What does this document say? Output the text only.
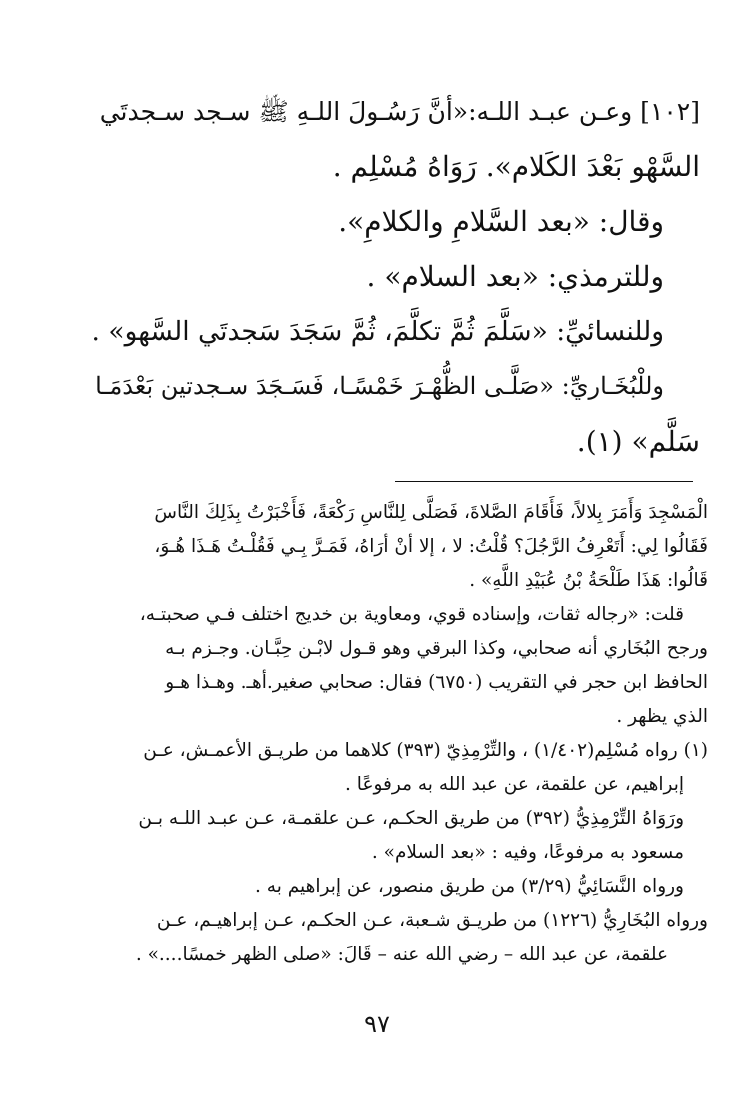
[١٠٢] وعـن عبـد اللـه:«أنَّ رَسُـولَ اللـهِ ﷺ سـجد سـجدتَي
السَّهْو بَعْدَ الكَلام». رَوَاهُ مُسْلِم .
وقال: «بعد السَّلامِ والكلامِ».
وللترمذي: «بعد السلام» .
وللنسائيِّ: «سَلَّمَ ثُمَّ تكلَّمَ، ثُمَّ سَجَدَ سَجدتَي السَّهو» .
وللْبُخَـاريِّ: «صَلَّـى الظُّهْـرَ خَمْسًـا، فَسَـجَدَ سـجدتين بَعْدَمَـا
سَلَّم» (١).
الْمَسْجِدَ وَأَمَرَ بِلالاً، فَأَقَامَ الصَّلاةَ، فَصَلَّى لِلنَّاسِ رَكْعَةً، فَأَخْبَرْتُ بِذَلِكَ النَّاسَ
فَقَالُوا لِي: أَتَعْرِفُ الرَّجُلَ؟ قُلْتُ: لا ، إلا أنْ أرَاهُ، فَمَـرَّ بِـي فَقُلْـتُ هَـذَا هُـوَ،
قَالُوا: هَذَا طَلْحَةُ بْنُ عُبَيْدِ اللَّهِ» .
قلت: «رجاله ثقات، وإسناده قوي، ومعاوية بن خديج اختلف فـي صحبتـه،
ورجح البُخَاري أنه صحابي، وكذا البرقي وهو قـول لابْـن حِبَّـان. وجـزم بـه
الحافظ ابن حجر في التقريب (٦٧٥٠) فقال: صحابي صغير.أهـ. وهـذا هـو
الذي يظهر .
(١) رواه مُسْلِم(١/٤٠٢) ، والتِّرْمِذِيّ (٣٩٣) كلاهما من طريـق الأعمـش، عـن
إبراهيم، عن علقمة، عن عبد الله به مرفوعًا .
ورَوَاهُ التِّرْمِذِيُّ (٣٩٢) من طريق الحكـم، عـن علقمـة، عـن عبـد اللـه بـن
مسعود به مرفوعًا، وفيه : «بعد السلام» .
ورواه النَّسَائِيُّ (٣/٢٩) من طريق منصور، عن إبراهيم به .
ورواه البُخَارِيُّ (١٢٢٦) من طريـق شـعبة، عـن الحكـم، عـن إبراهيـم، عـن
علقمة، عن عبد الله – رضي الله عنه – قَالَ: «صلى الظهر خمسًا....» .
٩٧
